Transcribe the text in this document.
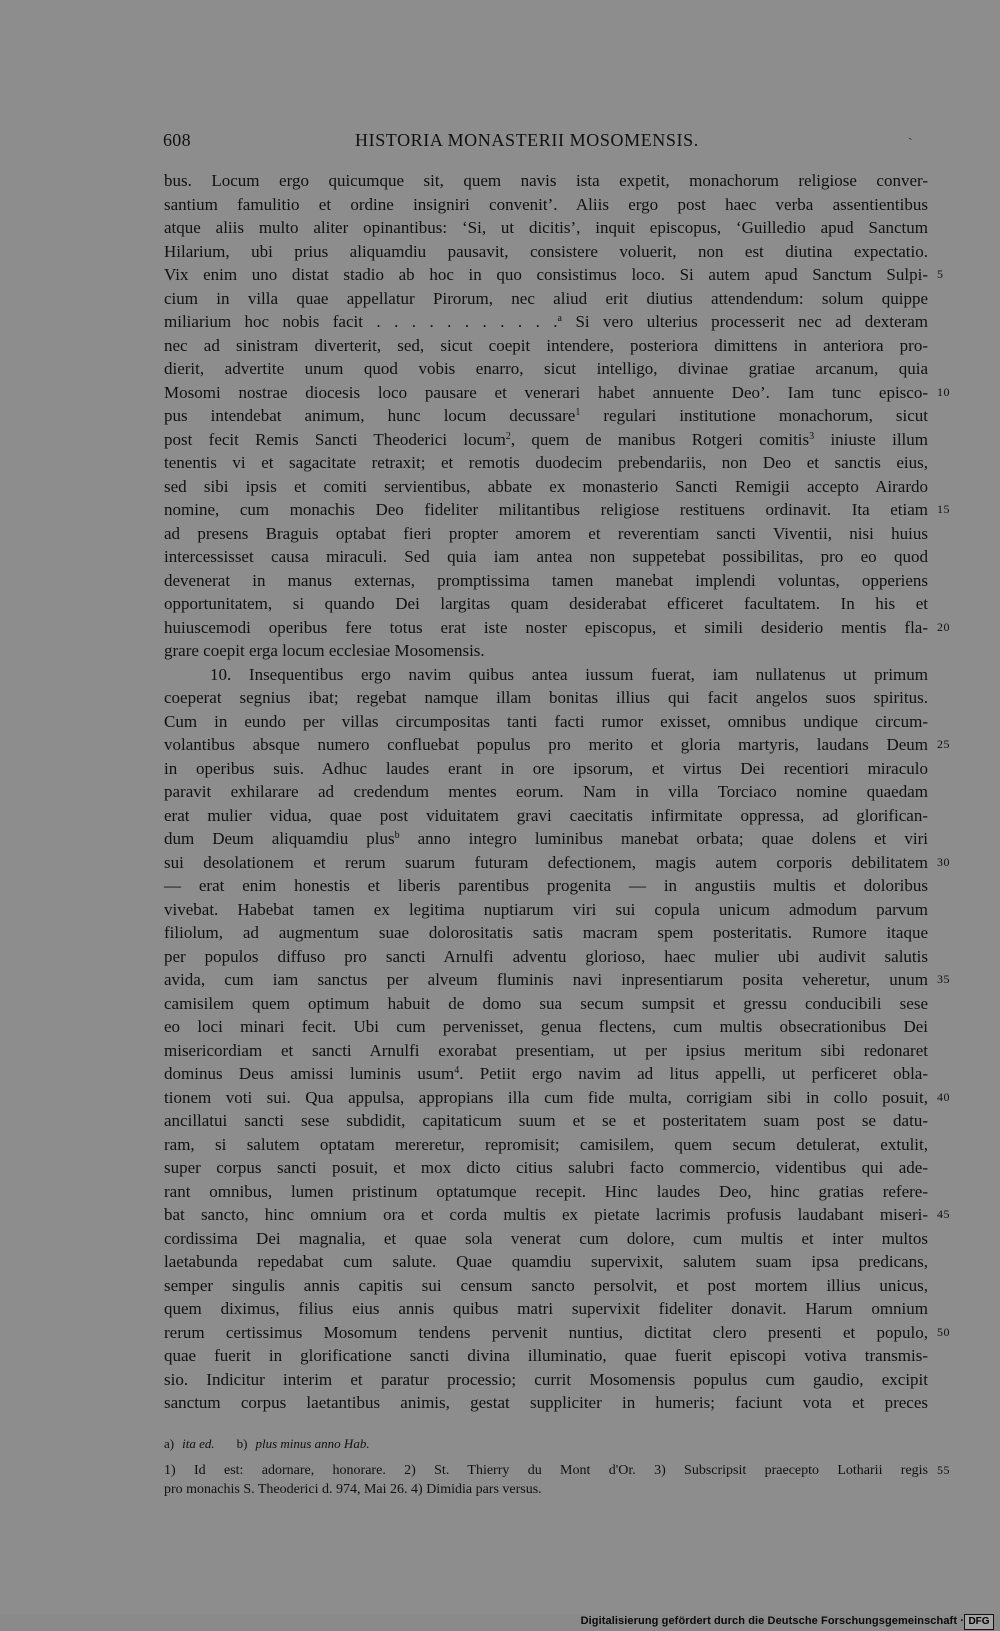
608	HISTORIA MONASTERII MOSOMENSIS.	ˎ
bus. Locum ergo quicumque sit, quem navis ista expetit, monachorum religiose conver-
santium famulitio et ordine insigniri convenit’. Aliis ergo post haec verba assentientibus
atque aliis multo aliter opinantibus: ‘Si, ut dicitis’, inquit episcopus, ‘Guilledio apud Sanctum
Hilarium, ubi prius aliquamdiu pausavit, consistere voluerit, non est diutina expectatio.
Vix enim uno distat stadio ab hoc in quo consistimus loco. Si autem apud Sanctum Sulpi- 5
cium in villa quae appellatur Pirorum, nec aliud erit diutius attendendum: solum quippe
miliarium hoc nobis facit . . . . . . . . . . .$^a$ Si vero ulterius processerit nec ad dexteram
nec ad sinistram diverterit, sed, sicut coepit intendere, posteriora dimittens in anteriora pro-
dierit, advertite unum quod vobis enarro, sicut intelligo, divinae gratiae arcanum, quia
Mosomi nostrae diocesis loco pausare et venerari habet annuente Deo’. Iam tunc episco- 10
pus intendebat animum, hunc locum decussare$^1$ regulari institutione monachorum, sicut
post fecit Remis Sancti Theoderici locum$^2$, quem de manibus Rotgeri comitis$^3$ iniuste illum
tenentis vi et sagacitate retraxit; et remotis duodecim prebendariis, non Deo et sanctis eius,
sed sibi ipsis et comiti servientibus, abbate ex monasterio Sancti Remigii accepto Airardo
nomine, cum monachis Deo fideliter militantibus religiose restituens ordinavit. Ita etiam 15
ad presens Braguis optabat fieri propter amorem et reverentiam sancti Viventii, nisi huius
intercessisset causa miraculi. Sed quia iam antea non suppetebat possibilitas, pro eo quod
devenerat in manus externas, promptissima tamen manebat implendi voluntas, opperiens
opportunitatem, si quando Dei largitas quam desiderabat efficeret facultatem. In his et
huiuscemodi operibus fere totus erat iste noster episcopus, et simili desiderio mentis fla- 20
grare coepit erga locum ecclesiae Mosomensis.
10. Insequentibus ergo navim quibus antea iussum fuerat, iam nullatenus ut primum
coeperat segnius ibat; regebat namque illam bonitas illius qui facit angelos suos spiritus.
Cum in eundo per villas circumpositas tanti facti rumor exisset, omnibus undique circum-
volantibus absque numero confluebat populus pro merito et gloria martyris, laudans Deum 25
in operibus suis. Adhuc laudes erant in ore ipsorum, et virtus Dei recentiori miraculo
paravit exhilarare ad credendum mentes eorum. Nam in villa Torciaco nomine quaedam
erat mulier vidua, quae post viduitatem gravi caecitatis infirmitate oppressa, ad glorifican-
dum Deum aliquamdiu plus$^b$ anno integro luminibus manebat orbata; quae dolens et viri
sui desolationem et rerum suarum futuram defectionem, magis autem corporis debilitatem 30
— erat enim honestis et liberis parentibus progenita — in angustiis multis et doloribus
vivebat. Habebat tamen ex legitima nuptiarum viri sui copula unicum admodum parvum
filiolum, ad augmentum suae dolorositatis satis macram spem posteritatis. Rumore itaque
per populos diffuso pro sancti Arnulfi adventu glorioso, haec mulier ubi audivit salutis
avida, cum iam sanctus per alveum fluminis navi inpresentiarum posita veheretur, unum 35
camisilem quem optimum habuit de domo sua secum sumpsit et gressu conducibili sese
eo loci minari fecit. Ubi cum pervenisset, genua flectens, cum multis obsecrationibus Dei
misericordiam et sancti Arnulfi exorabat presentiam, ut per ipsius meritum sibi redonaret
dominus Deus amissi luminis usum$^4$. Petiit ergo navim ad litus appelli, ut perficeret obla-
tionem voti sui. Qua appulsa, appropians illa cum fide multa, corrigiam sibi in collo posuit, 40
ancillatui sancti sese subdidit, capitaticum suum et se et posteritatem suam post se datu-
ram, si salutem optatam mereretur, repromisit; camisilem, quem secum detulerat, extulit,
super corpus sancti posuit, et mox dicto citius salubri facto commercio, videntibus qui ade-
rant omnibus, lumen pristinum optatumque recepit. Hinc laudes Deo, hinc gratias refere-
bat sancto, hinc omnium ora et corda multis ex pietate lacrimis profusis laudabant miseri- 45
cordissima Dei magnalia, et quae sola venerat cum dolore, cum multis et inter multos
laetabunda repedabat cum salute. Quae quamdiu supervixit, salutem suam ipsa predicans,
semper singulis annis capitis sui censum sancto persolvit, et post mortem illius unicus,
quem diximus, filius eius annis quibus matri supervixit fideliter donavit. Harum omnium
rerum certissimus Mosomum tendens pervenit nuntius, dictitat clero presenti et populo, 50
quae fuerit in glorificatione sancti divina illuminatio, quae fuerit episcopi votiva transmis-
sio. Indicitur interim et paratur processio; currit Mosomensis populus cum gaudio, excipit
sanctum corpus laetantibus animis, gestat suppliciter in humeris; faciunt vota et preces
a) ita ed. b) plus minus anno Hab.
1) Id est: adornare, honorare. 2) St. Thierry du Mont d'Or. 3) Subscripsit praecepto Lotharii regis 55
pro monachis S. Theoderici d. 974, Mai 26. 4) Dimidia pars versus.
Digitalisierung gefördert durch die Deutsche Forschungsgemeinschaft · DFG
